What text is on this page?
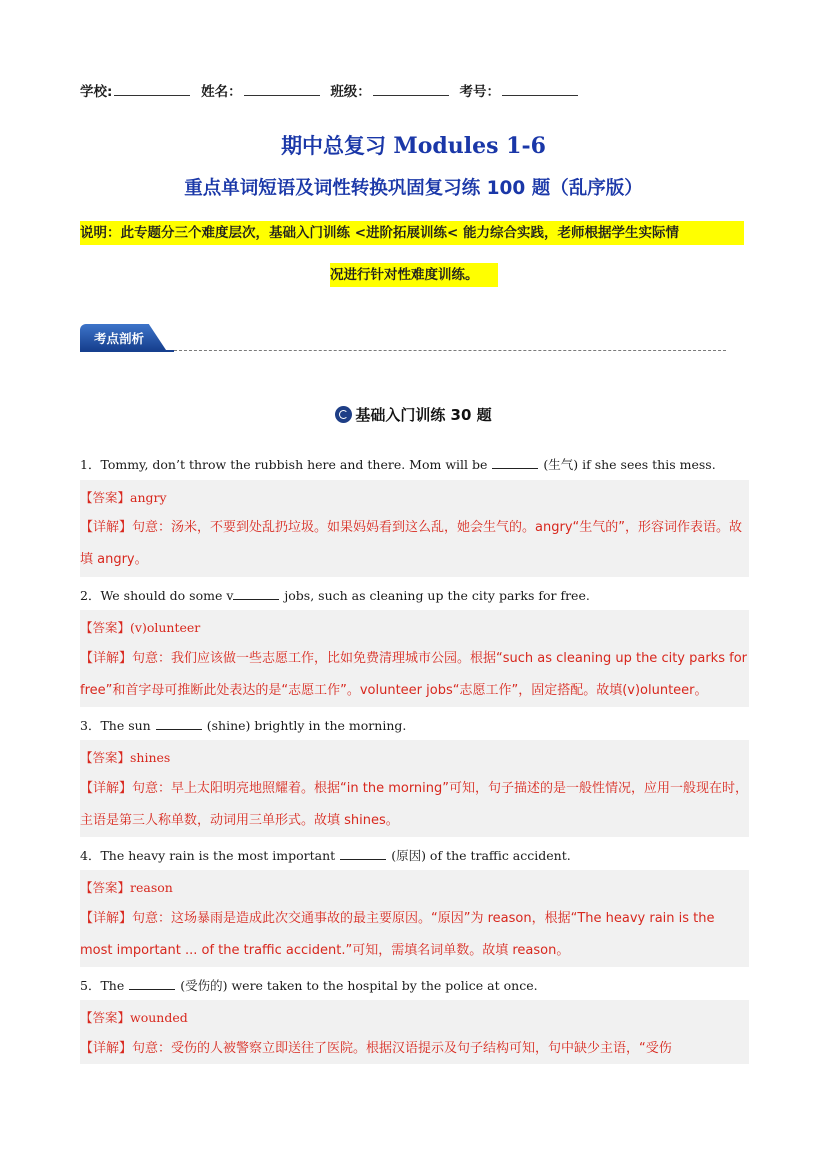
学校:	姓名：	班级：	考号：
期中总复习 Modules 1-6
重点单词短语及词性转换巩固复习练 100 题（乱序版）
说明：此专题分三个难度层次，基础入门训练 <进阶拓展训练< 能力综合实践，老师根据学生实际情
况进行针对性难度训练。
考点剖析
基础入门训练 30 题
1．Tommy, don’t throw the rubbish here and there. Mom will be	(生气) if she sees this mess.
【答案】angry
【详解】句意：汤米，不要到处乱扔垃圾。如果妈妈看到这么乱，她会生气的。angry“生气的”，形容词作表语。故填 angry。
2．We should do some v	jobs, such as cleaning up the city parks for free.
【答案】(v)olunteer
【详解】句意：我们应该做一些志愿工作，比如免费清理城市公园。根据“such as cleaning up the city parks for free”和首字母可推断此处表达的是“志愿工作”。volunteer jobs“志愿工作”，固定搭配。故填(v)olunteer。
3．The sun	(shine) brightly in the morning.
【答案】shines
【详解】句意：早上太阳明亮地照耀着。根据“in the morning”可知，句子描述的是一般性情况，应用一般现在时，主语是第三人称单数，动词用三单形式。故填 shines。
4．The heavy rain is the most important	(原因) of the traffic accident.
【答案】reason
【详解】句意：这场暴雨是造成此次交通事故的最主要原因。“原因”为 reason，根据“The heavy rain is the most important ... of the traffic accident.”可知，需填名词单数。故填 reason。
5．The	(受伤的) were taken to the hospital by the police at once.
【答案】wounded
【详解】句意：受伤的人被警察立即送往了医院。根据汉语提示及句子结构可知，句中缺少主语，“受伤
